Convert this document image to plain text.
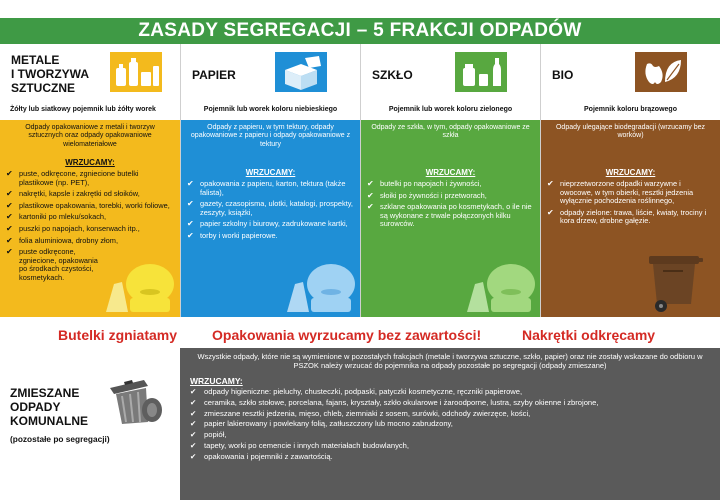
ZASADY SEGREGACJI – 5 FRAKCJI ODPADÓW
METALE
I TWORZYWA
SZTUCZNE
Żółty lub siatkowy pojemnik lub żółty worek
Odpady opakowaniowe z metali i tworzyw sztucznych oraz odpady opakowaniowe wielomateriałowe
WRZUCAMY:
✔ puste, odkręcone, zgniecione butelki plastikowe (np. PET),
✔ nakrętki, kapsle i zakrętki od słoików,
✔ plastikowe opakowania, torebki, worki foliowe,
✔ kartoniki po mleku/sokach,
✔ puszki po napojach, konserwach itp.,
✔ folia aluminiowa, drobny złom,
✔ puste odkręcone, zgniecione, opakowania po środkach czystości, kosmetykach.
PAPIER
Pojemnik lub worek koloru niebieskiego
Odpady z papieru, w tym tektury, odpady opakowaniowe z papieru i odpady opakowaniowe z tektury
WRZUCAMY:
✔ opakowania z papieru, karton, tektura (także falista),
✔ gazety, czasopisma, ulotki, katalogi, prospekty, zeszyty, książki,
✔ papier szkolny i biurowy, zadrukowane kartki,
✔ torby i worki papierowe.
SZKŁO
Pojemnik lub worek koloru zielonego
Odpady ze szkła, w tym, odpady opakowaniowe ze szkła
WRZUCAMY:
✔ butelki po napojach i żywności,
✔ słoiki po żywności i przetworach,
✔ szklane opakowania po kosmetykach, o ile nie są wykonane z trwale połączonych kilku surowców.
BIO
Pojemnik koloru brązowego
Odpady ulegające biodegradacji (wrzucamy bez worków)
WRZUCAMY:
✔ nieprzetworzone odpadki warzywne i owocowe, w tym obierki, resztki jedzenia wyłącznie pochodzenia roślinnego,
✔ odpady zielone: trawa, liście, kwiaty, trociny i kora drzew, drobne gałęzie.
Butelki zgniatamy Opakowania wyrzucamy bez zawartości!	Nakrętki odkręcamy
ZMIESZANE
ODPADY
KOMUNALNE
(pozostałe po segregacji)
Wszystkie odpady, które nie są wymienione w pozostałych frakcjach (metale i tworzywa sztuczne, szkło, papier) oraz nie zostały wskazane do odbioru w PSZOK należy wrzucać do pojemnika na odpady pozostałe po segregacji (odpady zmieszane)
WRZUCAMY:
✔ odpady higieniczne: pieluchy, chusteczki, podpaski, patyczki kosmetyczne, ręczniki papierowe,
✔ ceramika, szkło stołowe, porcelana, fajans, kryształy, szkło okularowe i żaroodporne, lustra, szyby okienne i zbrojone,
✔ zmieszane resztki jedzenia, mięso, chleb, ziemniaki z sosem, surówki, odchody zwierzęce, kości,
✔ papier lakierowany i powlekany folią, zatłuszczony lub mocno zabrudzony,
✔ popiół,
✔ tapety, worki po cemencie i innych materiałach budowlanych,
✔ opakowania i pojemniki z zawartością.
